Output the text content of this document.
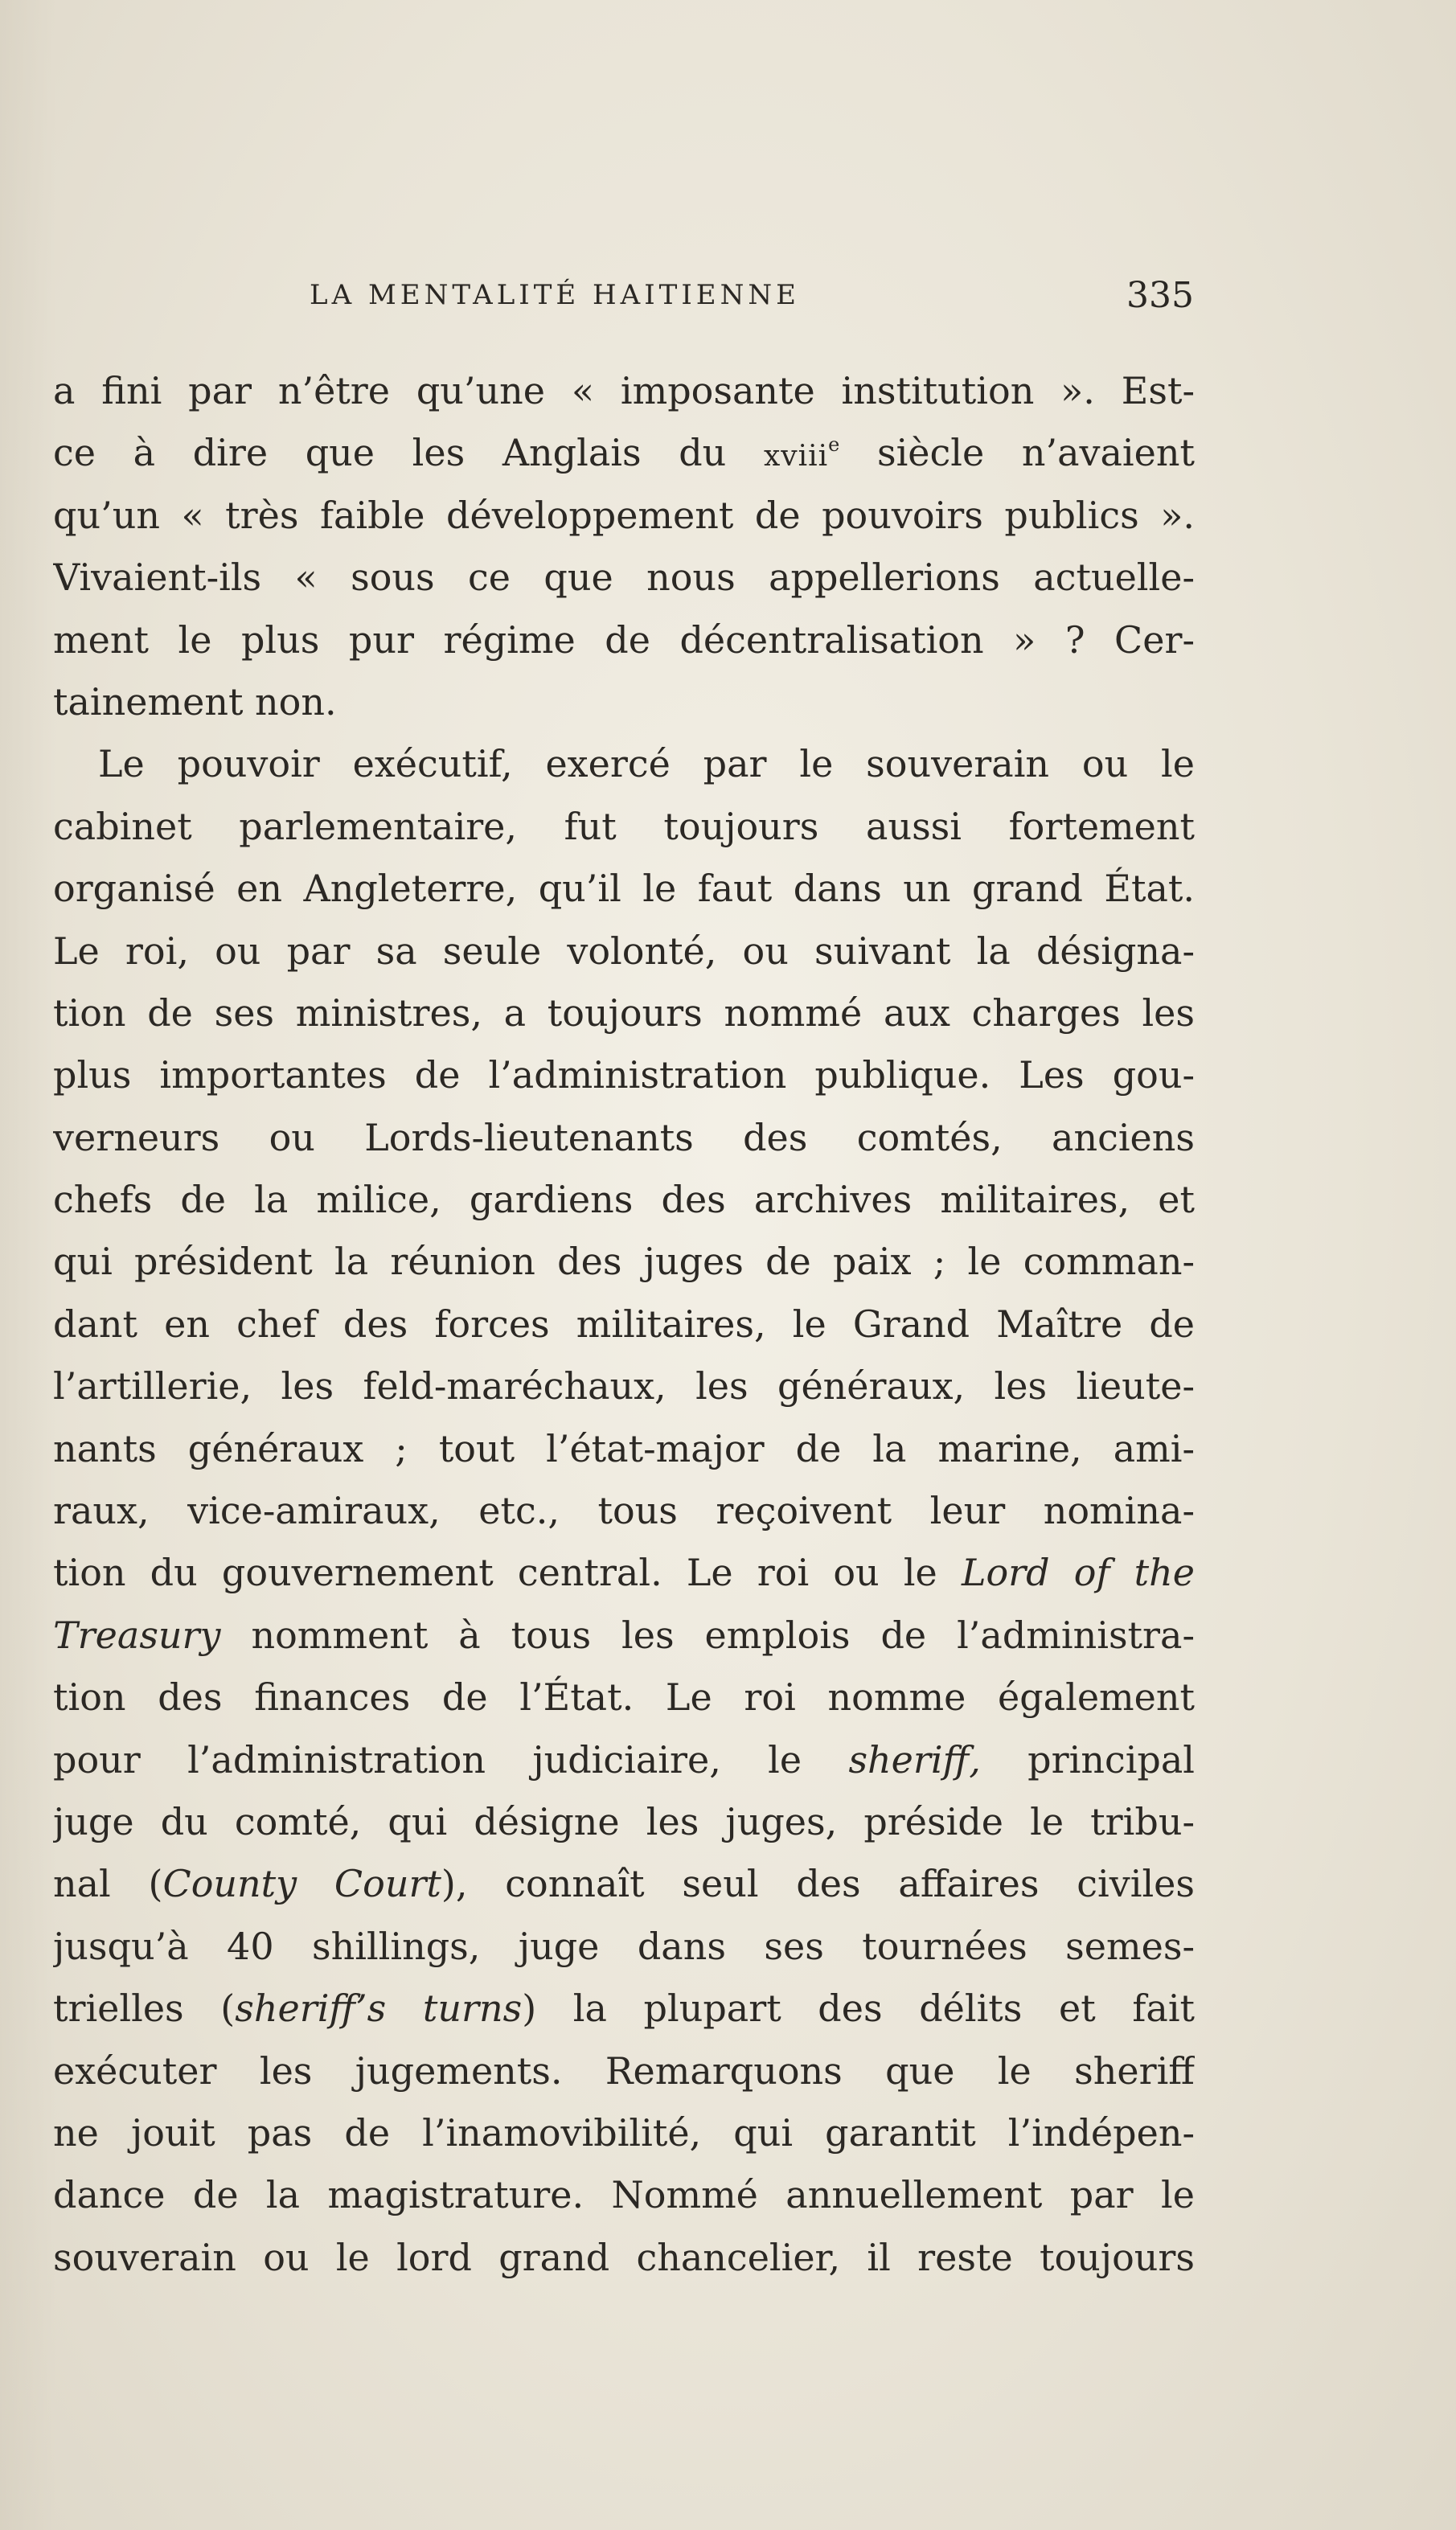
LA MENTALITÉ HAITIENNE	335
a fini par n’être qu’une « imposante institution ». Est-
ce à dire que les Anglais du xviii$^e$ siècle n’avaient
qu’un « très faible développement de pouvoirs publics ».
Vivaient-ils « sous ce que nous appellerions actuelle-
ment le plus pur régime de décentralisation » ? Cer-
tainement non.
Le pouvoir exécutif, exercé par le souverain ou le
cabinet parlementaire, fut toujours aussi fortement
organisé en Angleterre, qu’il le faut dans un grand État.
Le roi, ou par sa seule volonté, ou suivant la désigna-
tion de ses ministres, a toujours nommé aux charges les
plus importantes de l’administration publique. Les gou-
verneurs ou Lords-lieutenants des comtés, anciens
chefs de la milice, gardiens des archives militaires, et
qui président la réunion des juges de paix ; le comman-
dant en chef des forces militaires, le Grand Maître de
l’artillerie, les feld-maréchaux, les généraux, les lieute-
nants généraux ; tout l’état-major de la marine, ami-
raux, vice-amiraux, etc., tous reçoivent leur nomina-
tion du gouvernement central. Le roi ou le Lord of the
Treasury nomment à tous les emplois de l’administra-
tion des finances de l’État. Le roi nomme également
pour l’administration judiciaire, le sheriff, principal
juge du comté, qui désigne les juges, préside le tribu-
nal (County Court), connaît seul des affaires civiles
jusqu’à 40 shillings, juge dans ses tournées semes-
trielles (sheriff’s turns) la plupart des délits et fait
exécuter les jugements. Remarquons que le sheriff
ne jouit pas de l’inamovibilité, qui garantit l’indépen-
dance de la magistrature. Nommé annuellement par le
souverain ou le lord grand chancelier, il reste toujours
